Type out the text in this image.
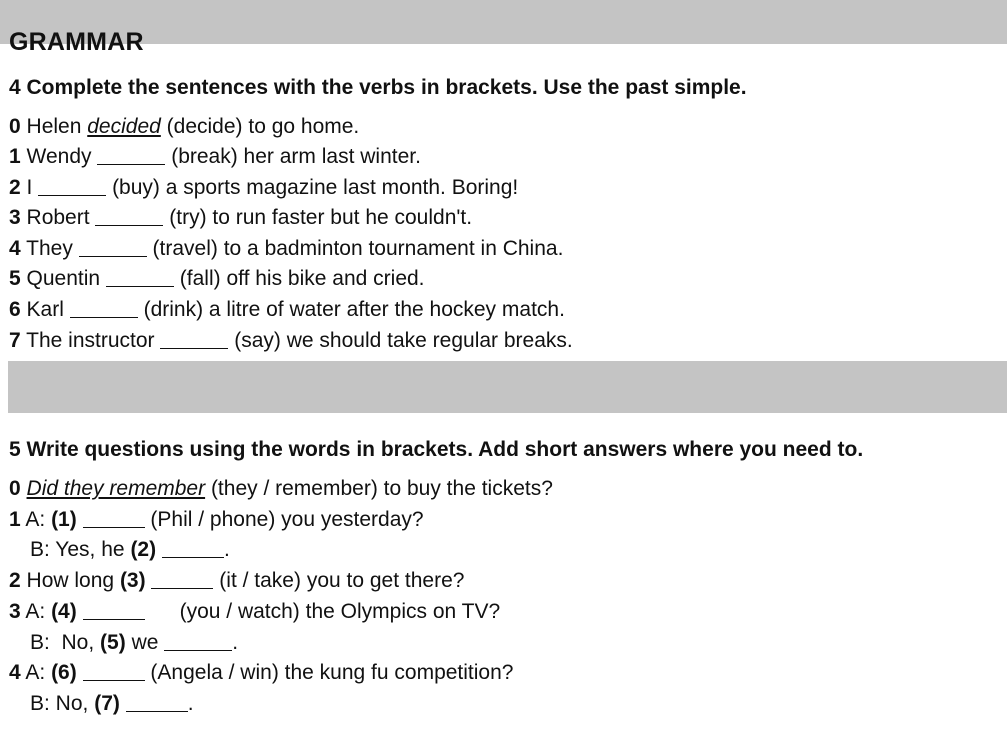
GRAMMAR

4 Complete the sentences with the verbs in brackets. Use the past simple.

0 Helen decided (decide) to go home.

1 Wendy	(break) her arm last winter.

2 I	(buy) a sports magazine last month. Boring!

3 Robert	(try) to run faster but he couldn't.

4 They	(travel) to a badminton tournament in China.

5 Quentin	(fall) off his bike and cried.

6 Karl	(drink) a litre of water after the hockey match.

7 The instructor	(say) we should take regular breaks.

5 Write questions using the words in brackets. Add short answers where you need to.

0 Did they remember (they / remember) to buy the tickets?

1 A: (1)	(Phil / phone) you yesterday?

B: Yes, he (2)	.

2 How long (3)	(it / take) you to get there?

3 A: (4)	(you / watch) the Olympics on TV?

B:  No, (5) we	.

4 A: (6)	(Angela / win) the kung fu competition?

B: No, (7)	.
